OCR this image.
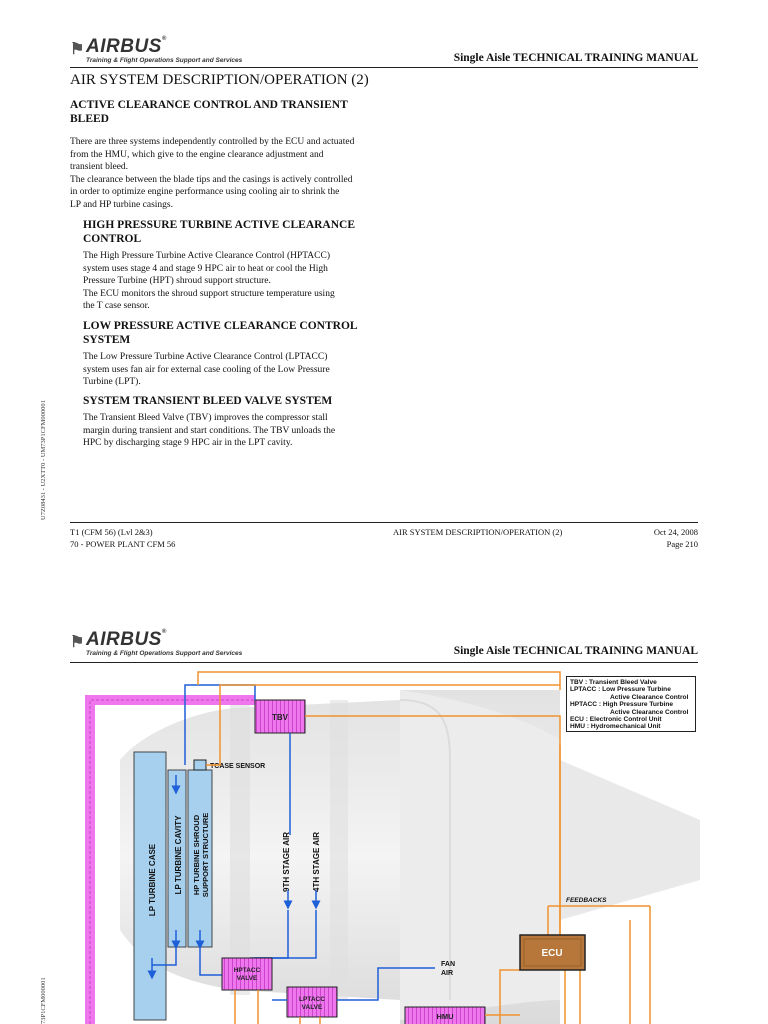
⚑ AIRBUS®
Training & Flight Operations Support and Services	Single Aisle TECHNICAL TRAINING MANUAL
AIR SYSTEM DESCRIPTION/OPERATION (2)
ACTIVE CLEARANCE CONTROL AND TRANSIENT BLEED
There are three systems independently controlled by the ECU and actuated
from the HMU, which give to the engine clearance adjustment and
transient bleed.
The clearance between the blade tips and the casings is actively controlled
in order to optimize engine performance using cooling air to shrink the
LP and HP turbine casings.
HIGH PRESSURE TURBINE ACTIVE CLEARANCE
CONTROL
The High Pressure Turbine Active Clearance Control (HPTACC)
system uses stage 4 and stage 9 HPC air to heat or cool the High
Pressure Turbine (HPT) shroud support structure.
The ECU monitors the shroud support structure temperature using
the T case sensor.
LOW PRESSURE ACTIVE CLEARANCE CONTROL
SYSTEM
The Low Pressure Turbine Active Clearance Control (LPTACC)
system uses fan air for external case cooling of the Low Pressure
Turbine (LPT).
SYSTEM TRANSIENT BLEED VALVE SYSTEM
The Transient Bleed Valve (TBV) improves the compressor stall
margin during transient and start conditions. The TBV unloads the
HPC by discharging stage 9 HPC air in the LPT cavity.
U7Z08431 - U2XTT0 - UM73P1CFM000001
T1 (CFM 56) (Lvl 2&3)
70 - POWER PLANT CFM 56
AIR SYSTEM DESCRIPTION/OPERATION (2)	Oct 24, 2008
Page 210
⚑ AIRBUS®
Training & Flight Operations Support and Services	Single Aisle TECHNICAL TRAINING MANUAL
73P1CFM000001
TBV
LP TURBINE CASE LP TURBINE CAVITY HP TURBINE SHROUD SUPPORT STRUCTURE
TCASE SENSOR
9TH STAGE AIR	4TH STAGE AIR
HPTACC
VALVE
LPTACC
VALVE
FAN
AIR
HMU
ECU
FEEDBACKS
TBV : Transient Bleed Valve
LPTACC : Low Pressure Turbine
Active Clearance Control
HPTACC : High Pressure Turbine
Active Clearance Control
ECU : Electronic Control Unit
HMU : Hydromechanical Unit
